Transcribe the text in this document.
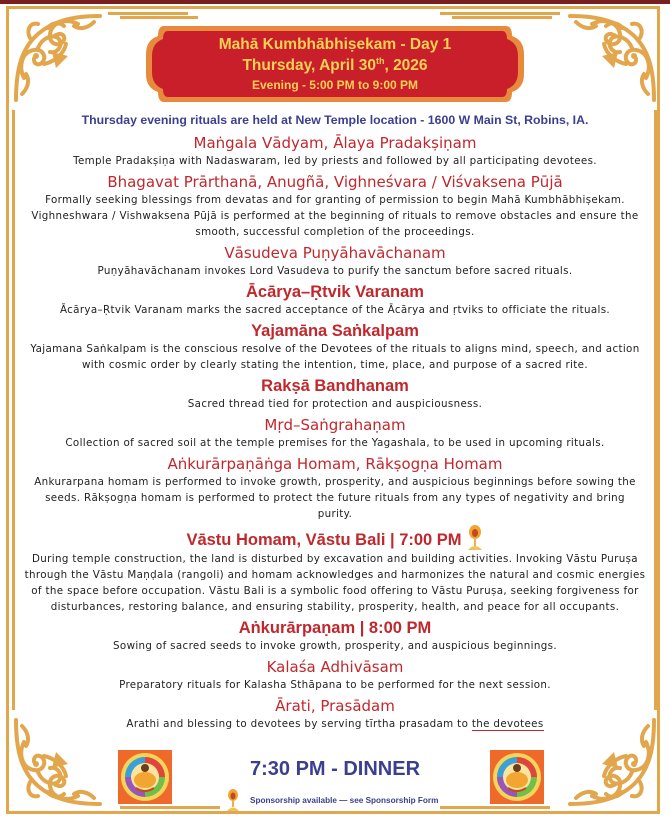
Mahā Kumbhābhiṣekam - Day 1
Thursday, April 30th, 2026
Evening - 5:00 PM to 9:00 PM
Thursday evening rituals are held at New Temple location - 1600 W Main St, Robins, IA.
Maṅgala Vādyam, Ālaya Pradakṣiṇam
Temple Pradakṣiṇa with Nadaswaram, led by priests and followed by all participating devotees.
Bhagavat Prārthanā, Anugñā, Vighneśvara / Viśvaksena Pūjā
Formally seeking blessings from devatas and for granting of permission to begin Mahā Kumbhābhiṣekam. Vighneshwara / Vishwaksena Pūjā is performed at the beginning of rituals to remove obstacles and ensure the smooth, successful completion of the proceedings.
Vāsudeva Puṇyāhavāchanam
Puṇyāhavāchanam invokes Lord Vasudeva to purify the sanctum before sacred rituals.
Ācārya–Ṛtvik Varanam
Ācārya–Ṛtvik Varanam marks the sacred acceptance of the Ācārya and ṛtviks to officiate the rituals.
Yajamāna Saṅkalpam
Yajamana Saṅkalpam is the conscious resolve of the Devotees of the rituals to aligns mind, speech, and action with cosmic order by clearly stating the intention, time, place, and purpose of a sacred rite.
Rakṣā Bandhanam
Sacred thread tied for protection and auspiciousness.
Mṛd–Saṅgrahaṇam
Collection of sacred soil at the temple premises for the Yagashala, to be used in upcoming rituals.
Aṅkurārpaṇāṅga Homam, Rākṣogṇa Homam
Ankurarpana homam is performed to invoke growth, prosperity, and auspicious beginnings before sowing the seeds. Rākṣogṇa homam is performed to protect the future rituals from any types of negativity and bring purity.
Vāstu Homam, Vāstu Bali | 7:00 PM
During temple construction, the land is disturbed by excavation and building activities. Invoking Vāstu Puruṣa through the Vāstu Maṇḍala (rangoli) and homam acknowledges and harmonizes the natural and cosmic energies of the space before occupation. Vāstu Bali is a symbolic food offering to Vāstu Puruṣa, seeking forgiveness for disturbances, restoring balance, and ensuring stability, prosperity, health, and peace for all occupants.
Aṅkurārpaṇam | 8:00 PM
Sowing of sacred seeds to invoke growth, prosperity, and auspicious beginnings.
Kalaśa Adhivāsam
Preparatory rituals for Kalasha Sthāpana to be performed for the next session.
Ārati, Prasādam
Arathi and blessing to devotees by serving tīrtha prasadam to the devotees
7:30 PM - DINNER
Sponsorship available — see Sponsorship Form
